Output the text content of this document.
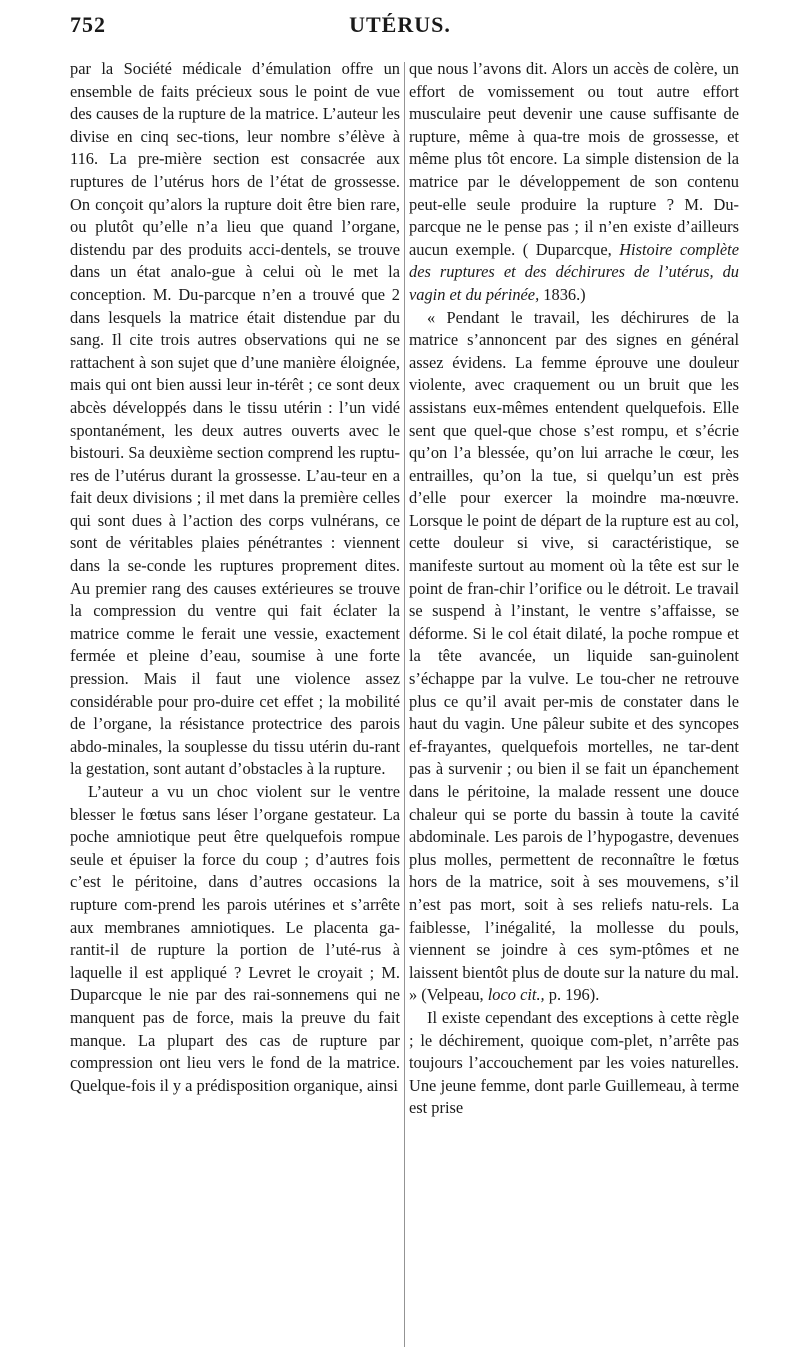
752	UTÉRUS.

par la Société médicale d’émulation offre un ensemble de faits précieux sous le point de vue des causes de la rupture de la matrice. L’auteur les divise en cinq sec-tions, leur nombre s’élève à 116. La pre-mière section est consacrée aux ruptures de l’utérus hors de l’état de grossesse. On conçoit qu’alors la rupture doit être bien rare, ou plutôt qu’elle n’a lieu que quand l’organe, distendu par des produits acci-dentels, se trouve dans un état analo-gue à celui où le met la conception. M. Du-parcque n’en a trouvé que 2 dans lesquels la matrice était distendue par du sang. Il cite trois autres observations qui ne se rattachent à son sujet que d’une manière éloignée, mais qui ont bien aussi leur in-térêt ; ce sont deux abcès développés dans le tissu utérin : l’un vidé spontanément, les deux autres ouverts avec le bistouri. Sa deuxième section comprend les ruptu-res de l’utérus durant la grossesse. L’au-teur en a fait deux divisions ; il met dans la première celles qui sont dues à l’action des corps vulnérans, ce sont de véritables plaies pénétrantes : viennent dans la se-conde les ruptures proprement dites. Au premier rang des causes extérieures se trouve la compression du ventre qui fait éclater la matrice comme le ferait une vessie, exactement fermée et pleine d’eau, soumise à une forte pression. Mais il faut une violence assez considérable pour pro-duire cet effet ; la mobilité de l’organe, la résistance protectrice des parois abdo-minales, la souplesse du tissu utérin du-rant la gestation, sont autant d’obstacles à la rupture.

L’auteur a vu un choc violent sur le ventre blesser le fœtus sans léser l’organe gestateur. La poche amniotique peut être quelquefois rompue seule et épuiser la force du coup ; d’autres fois c’est le péritoine, dans d’autres occasions la rupture com-prend les parois utérines et s’arrête aux membranes amniotiques. Le placenta ga-rantit-il de rupture la portion de l’uté-rus à laquelle il est appliqué ? Levret le croyait ; M. Duparcque le nie par des rai-sonnemens qui ne manquent pas de force, mais la preuve du fait manque. La plupart des cas de rupture par compression ont lieu vers le fond de la matrice. Quelque-fois il y a prédisposition organique, ainsi

que nous l’avons dit. Alors un accès de colère, un effort de vomissement ou tout autre effort musculaire peut devenir une cause suffisante de rupture, même à qua-tre mois de grossesse, et même plus tôt encore. La simple distension de la matrice par le développement de son contenu peut-elle seule produire la rupture ? M. Du-parcque ne le pense pas ; il n’en existe d’ailleurs aucun exemple. ( Duparcque, Histoire complète des ruptures et des déchirures de l’utérus, du vagin et du périnée, 1836.)

« Pendant le travail, les déchirures de la matrice s’annoncent par des signes en général assez évidens. La femme éprouve une douleur violente, avec craquement ou un bruit que les assistans eux-mêmes entendent quelquefois. Elle sent que quel-que chose s’est rompu, et s’écrie qu’on l’a blessée, qu’on lui arrache le cœur, les entrailles, qu’on la tue, si quelqu’un est près d’elle pour exercer la moindre ma-nœuvre. Lorsque le point de départ de la rupture est au col, cette douleur si vive, si caractéristique, se manifeste surtout au moment où la tête est sur le point de fran-chir l’orifice ou le détroit. Le travail se suspend à l’instant, le ventre s’affaisse, se déforme. Si le col était dilaté, la poche rompue et la tête avancée, un liquide san-guinolent s’échappe par la vulve. Le tou-cher ne retrouve plus ce qu’il avait per-mis de constater dans le haut du vagin. Une pâleur subite et des syncopes ef-frayantes, quelquefois mortelles, ne tar-dent pas à survenir ; ou bien il se fait un épanchement dans le péritoine, la malade ressent une douce chaleur qui se porte du bassin à toute la cavité abdominale. Les parois de l’hypogastre, devenues plus molles, permettent de reconnaître le fœtus hors de la matrice, soit à ses mouvemens, s’il n’est pas mort, soit à ses reliefs natu-rels. La faiblesse, l’inégalité, la mollesse du pouls, viennent se joindre à ces sym-ptômes et ne laissent bientôt plus de doute sur la nature du mal. » (Velpeau, loco cit., p. 196).

Il existe cependant des exceptions à cette règle ; le déchirement, quoique com-plet, n’arrête pas toujours l’accouchement par les voies naturelles. Une jeune femme, dont parle Guillemeau, à terme est prise
